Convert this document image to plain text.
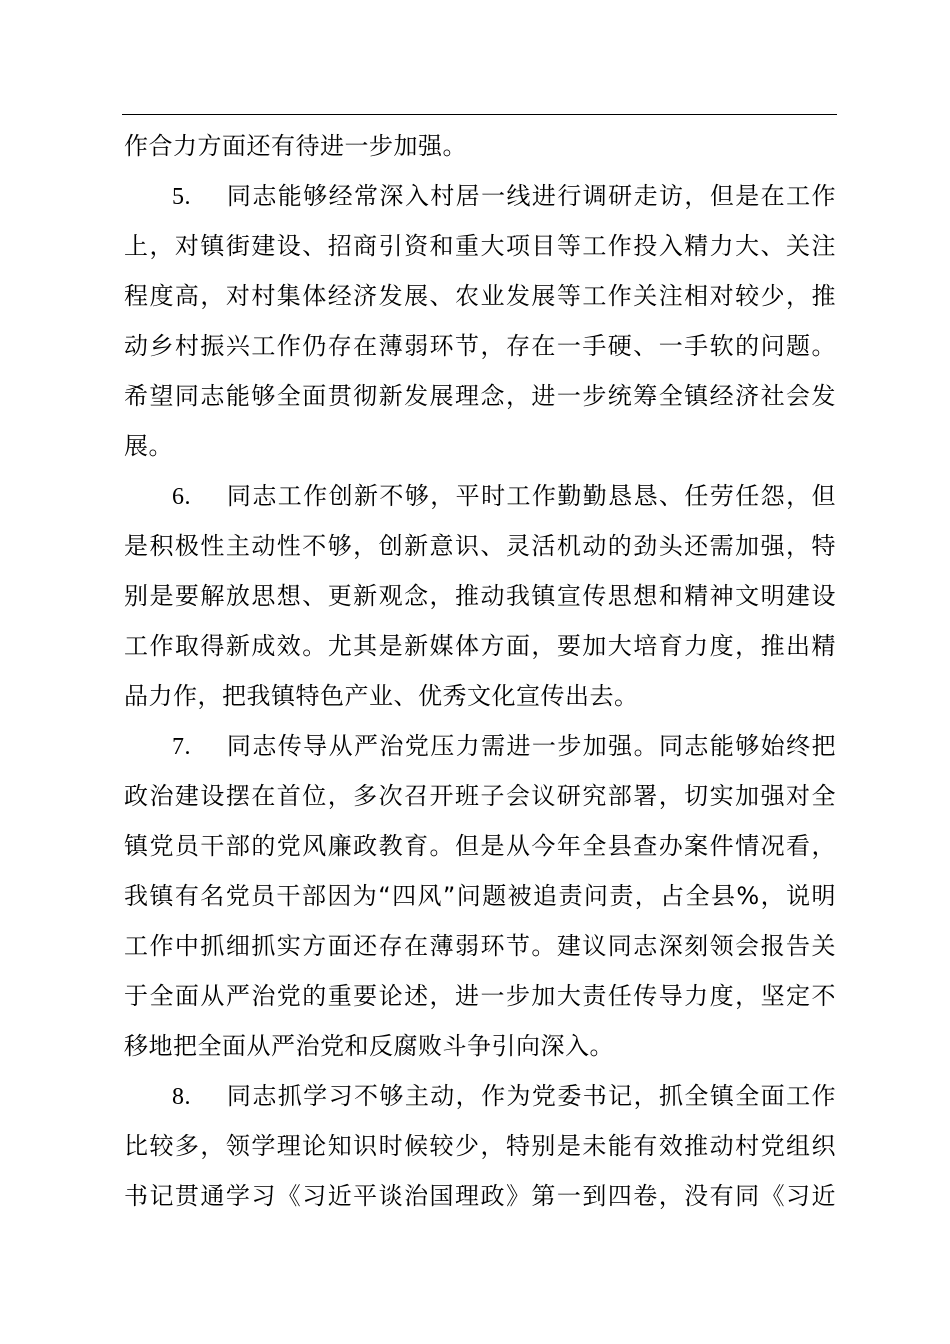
作合力方面还有待进一步加强。
5. 同志能够经常深入村居一线进行调研走访，但是在工作
上，对镇街建设、招商引资和重大项目等工作投入精力大、关注
程度高，对村集体经济发展、农业发展等工作关注相对较少，推
动乡村振兴工作仍存在薄弱环节，存在一手硬、一手软的问题。
希望同志能够全面贯彻新发展理念，进一步统筹全镇经济社会发
展。
6. 同志工作创新不够，平时工作勤勤恳恳、任劳任怨，但
是积极性主动性不够，创新意识、灵活机动的劲头还需加强，特
别是要解放思想、更新观念，推动我镇宣传思想和精神文明建设
工作取得新成效。尤其是新媒体方面，要加大培育力度，推出精
品力作，把我镇特色产业、优秀文化宣传出去。
7. 同志传导从严治党压力需进一步加强。同志能够始终把
政治建设摆在首位，多次召开班子会议研究部署，切实加强对全
镇党员干部的党风廉政教育。但是从今年全县查办案件情况看，
我镇有名党员干部因为“四风”问题被追责问责，占全县%，说明
工作中抓细抓实方面还存在薄弱环节。建议同志深刻领会报告关
于全面从严治党的重要论述，进一步加大责任传导力度，坚定不
移地把全面从严治党和反腐败斗争引向深入。
8. 同志抓学习不够主动，作为党委书记，抓全镇全面工作
比较多，领学理论知识时候较少，特别是未能有效推动村党组织
书记贯通学习《习近平谈治国理政》第一到四卷，没有同《习近
